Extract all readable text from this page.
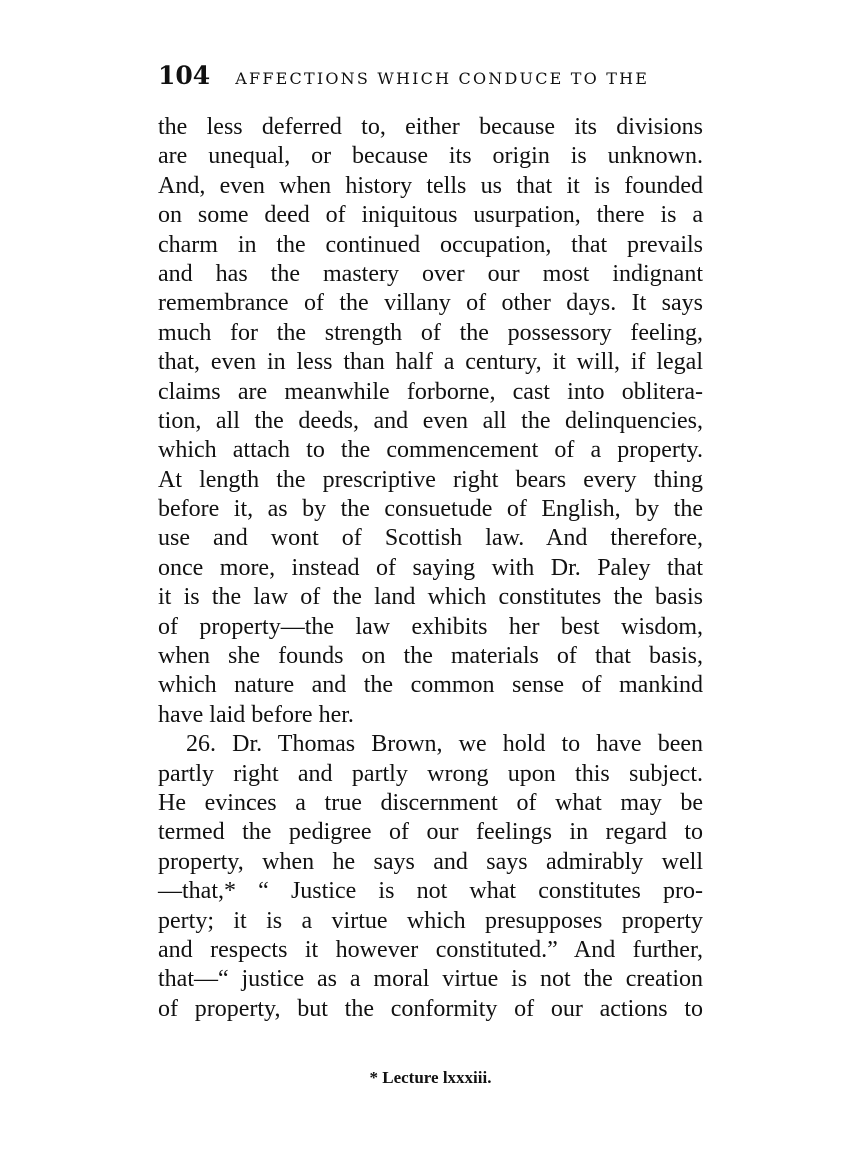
104 AFFECTIONS WHICH CONDUCE TO THE
the less deferred to, either because its divisions
are unequal, or because its origin is unknown.
And, even when history tells us that it is founded
on some deed of iniquitous usurpation, there is a
charm in the continued occupation, that prevails
and has the mastery over our most indignant
remembrance of the villany of other days. It says
much for the strength of the possessory feeling,
that, even in less than half a century, it will, if legal
claims are meanwhile forborne, cast into oblitera-
tion, all the deeds, and even all the delinquencies,
which attach to the commencement of a property.
At length the prescriptive right bears every thing
before it, as by the consuetude of English, by the
use and wont of Scottish law. And therefore,
once more, instead of saying with Dr. Paley that
it is the law of the land which constitutes the basis
of property—the law exhibits her best wisdom,
when she founds on the materials of that basis,
which nature and the common sense of mankind
have laid before her.
26. Dr. Thomas Brown, we hold to have been
partly right and partly wrong upon this subject.
He evinces a true discernment of what may be
termed the pedigree of our feelings in regard to
property, when he says and says admirably well
—that,* “ Justice is not what constitutes pro-
perty; it is a virtue which presupposes property
and respects it however constituted.” And further,
that—“ justice as a moral virtue is not the creation
of property, but the conformity of our actions to
* Lecture lxxxiii.
